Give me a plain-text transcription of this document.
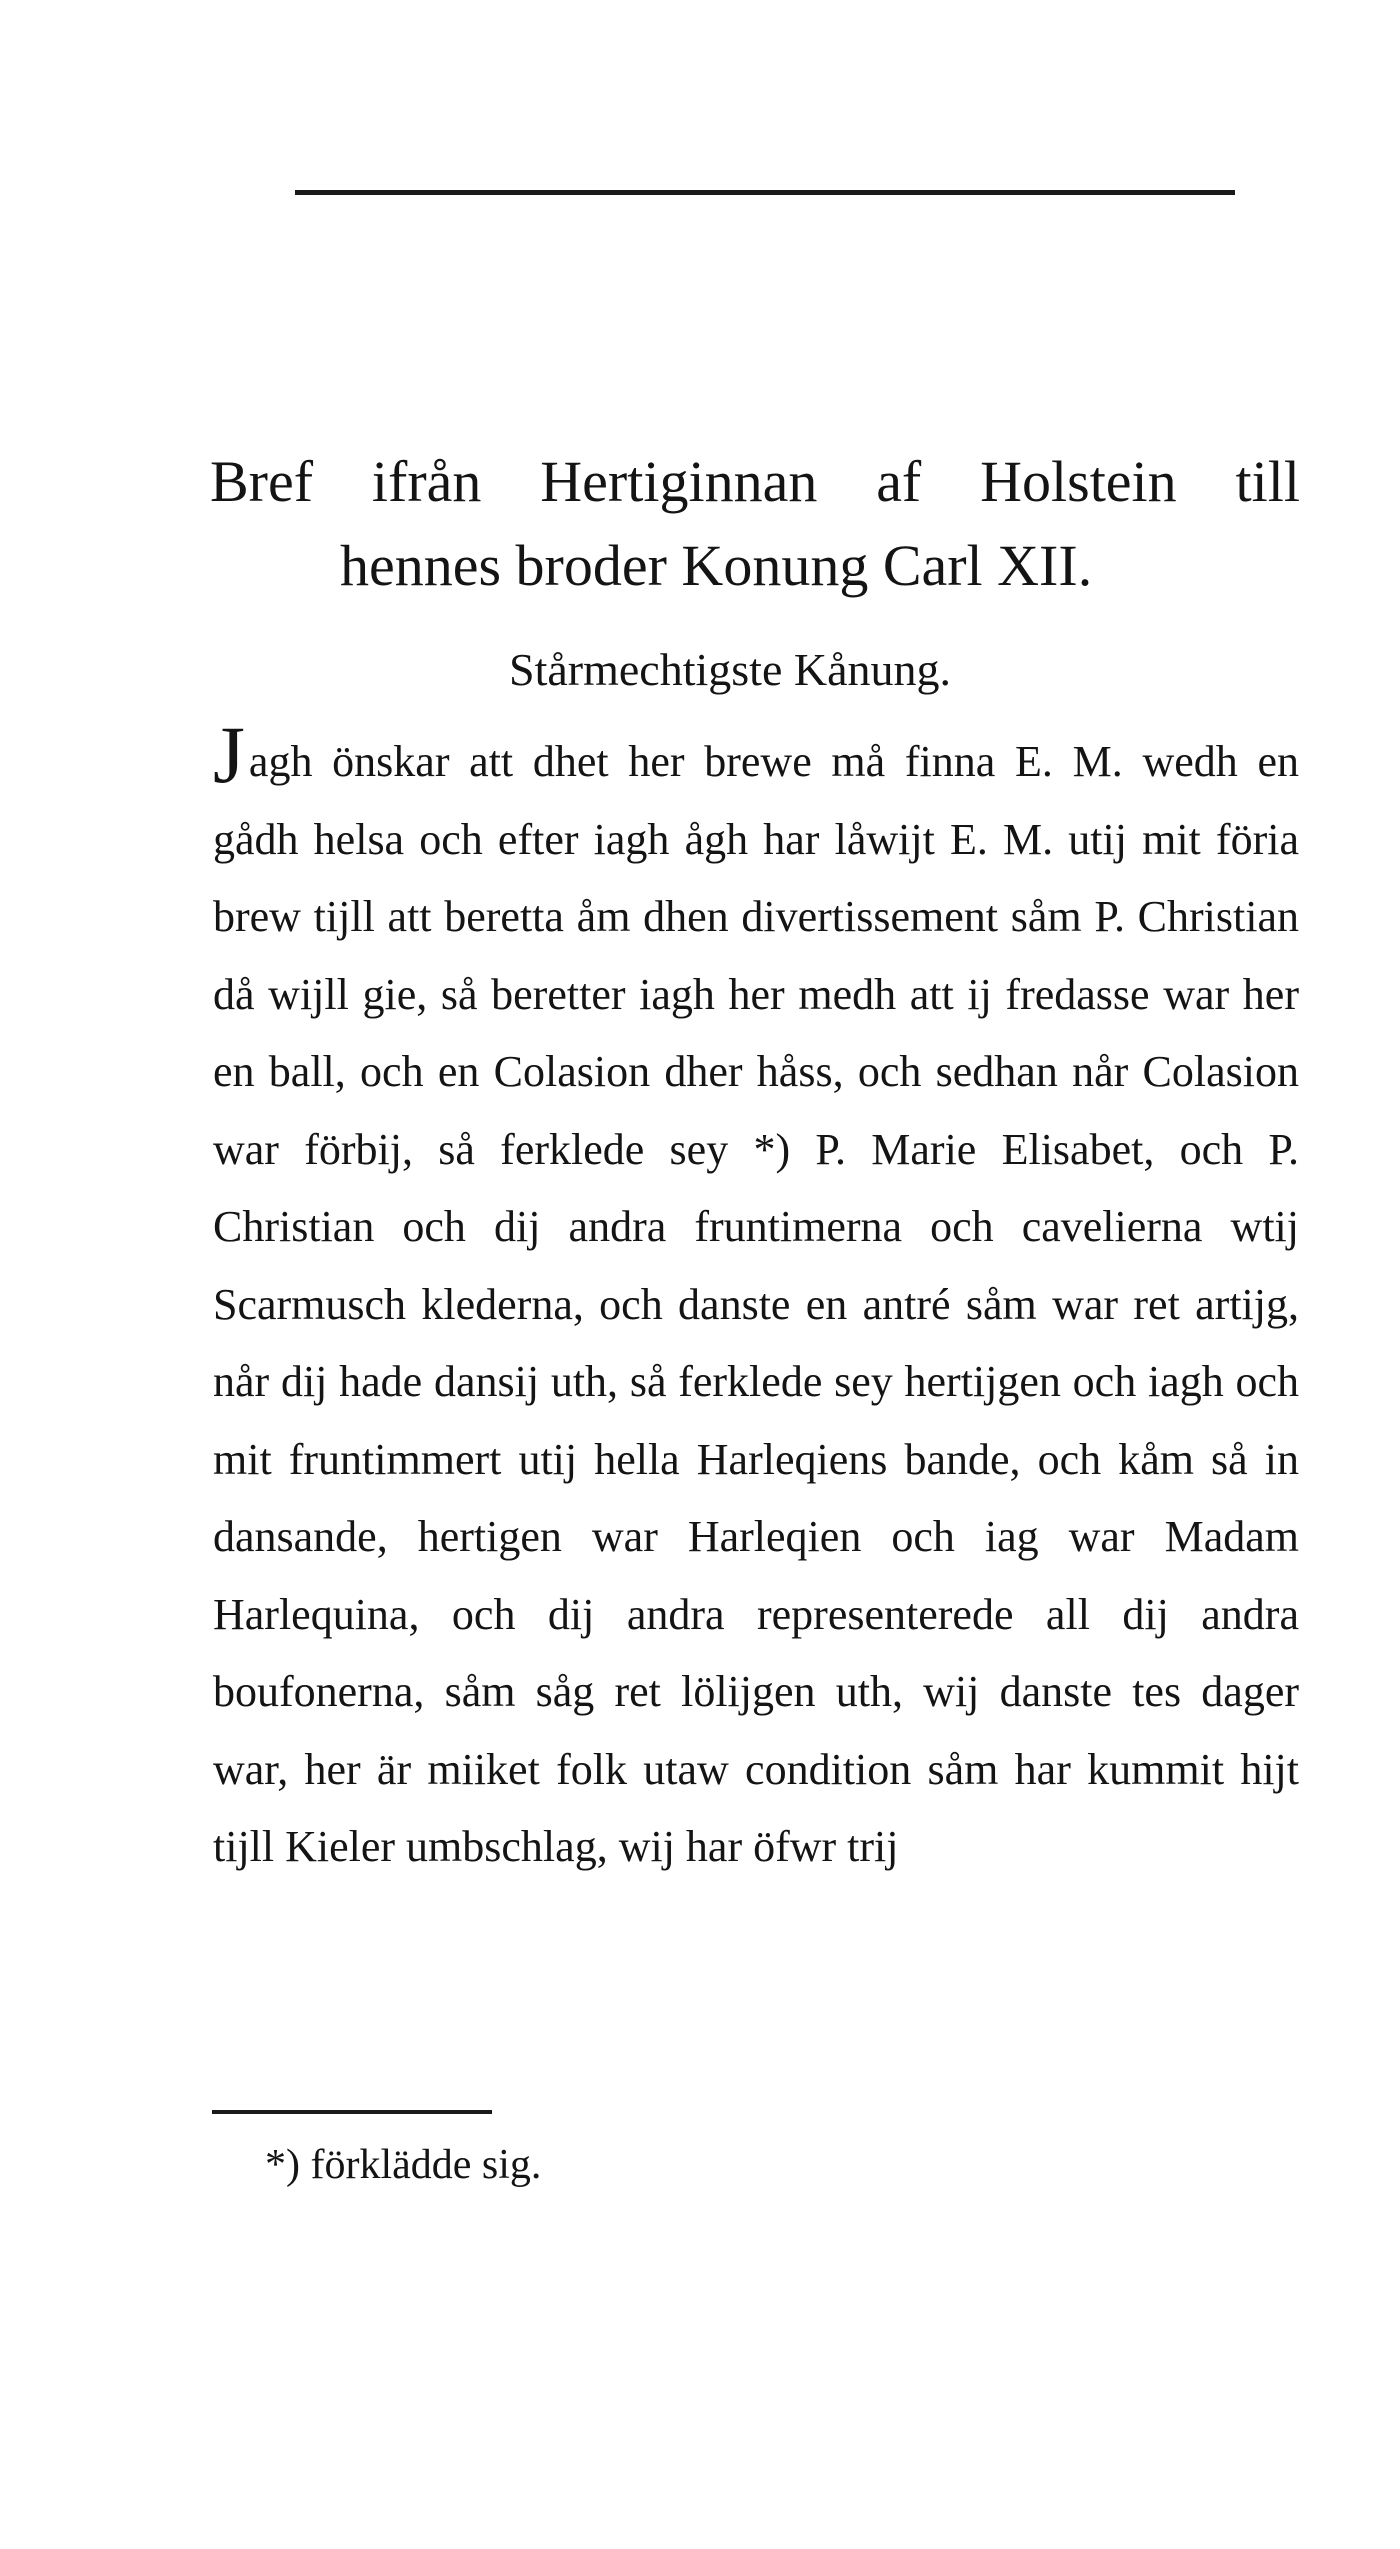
Bref ifrån Hertiginnan af Holstein till
hennes broder Konung Carl XII.
Stårmechtigste Kånung.
Jagh önskar att dhet her brewe må finna E. M. wedh en gådh helsa och efter iagh ågh har låwijt E. M. utij mit föria brew tijll att beretta åm dhen divertissement såm P. Christian då wijll gie, så beretter iagh her medh att ij fredasse war her en ball, och en Colasion dher håss, och sedhan når Colasion war förbij, så ferklede sey *) P. Marie Elisabet, och P. Christian och dij andra fruntimerna och cavelierna wtij Scarmusch klederna, och danste en antré såm war ret artijg, når dij hade dansij uth, så ferklede sey hertijgen och iagh och mit fruntimmert utij hella Harleqiens bande, och kåm så in dansande, hertigen war Harleqien och iag war Madam Harlequina, och dij andra representerede all dij andra boufonerna, såm såg ret lölijgen uth, wij danste tes dager war, her är miiket folk utaw condition såm har kummit hijt tijll Kieler umbschlag, wij har öfwr trij
*) förklädde sig.
